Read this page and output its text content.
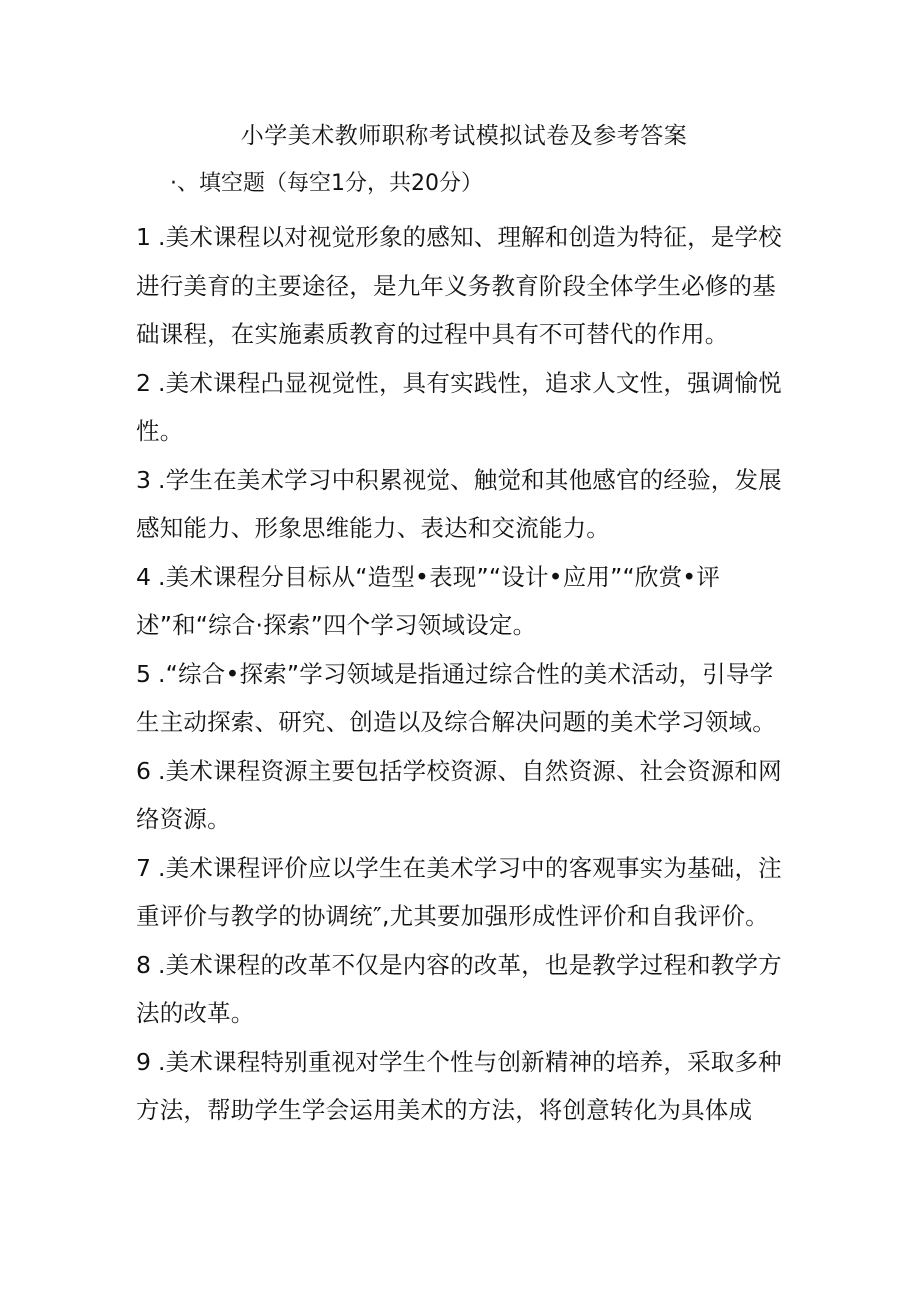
小学美术教师职称考试模拟试卷及参考答案
·、填空题（每空1分，共20分）

1 .美术课程以对视觉形象的感知、理解和创造为特征，是学校进行美育的主要途径，是九年义务教育阶段全体学生必修的基础课程，在实施素质教育的过程中具有不可替代的作用。

2 .美术课程凸显视觉性，具有实践性，追求人文性，强调愉悦性。

3 .学生在美术学习中积累视觉、触觉和其他感官的经验，发展感知能力、形象思维能力、表达和交流能力。

4 .美术课程分目标从“造型•表现”“设计•应用”“欣赏•评述”和“综合·探索”四个学习领域设定。

5 .“综合•探索”学习领域是指通过综合性的美术活动，引导学生主动探索、研究、创造以及综合解决问题的美术学习领域。

6 .美术课程资源主要包括学校资源、自然资源、社会资源和网络资源。

7 .美术课程评价应以学生在美术学习中的客观事实为基础，注重评价与教学的协调统″,尤其要加强形成性评价和自我评价。

8 .美术课程的改革不仅是内容的改革，也是教学过程和教学方法的改革。

9 .美术课程特别重视对学生个性与创新精神的培养，采取多种方法，帮助学生学会运用美术的方法，将创意转化为具体成
